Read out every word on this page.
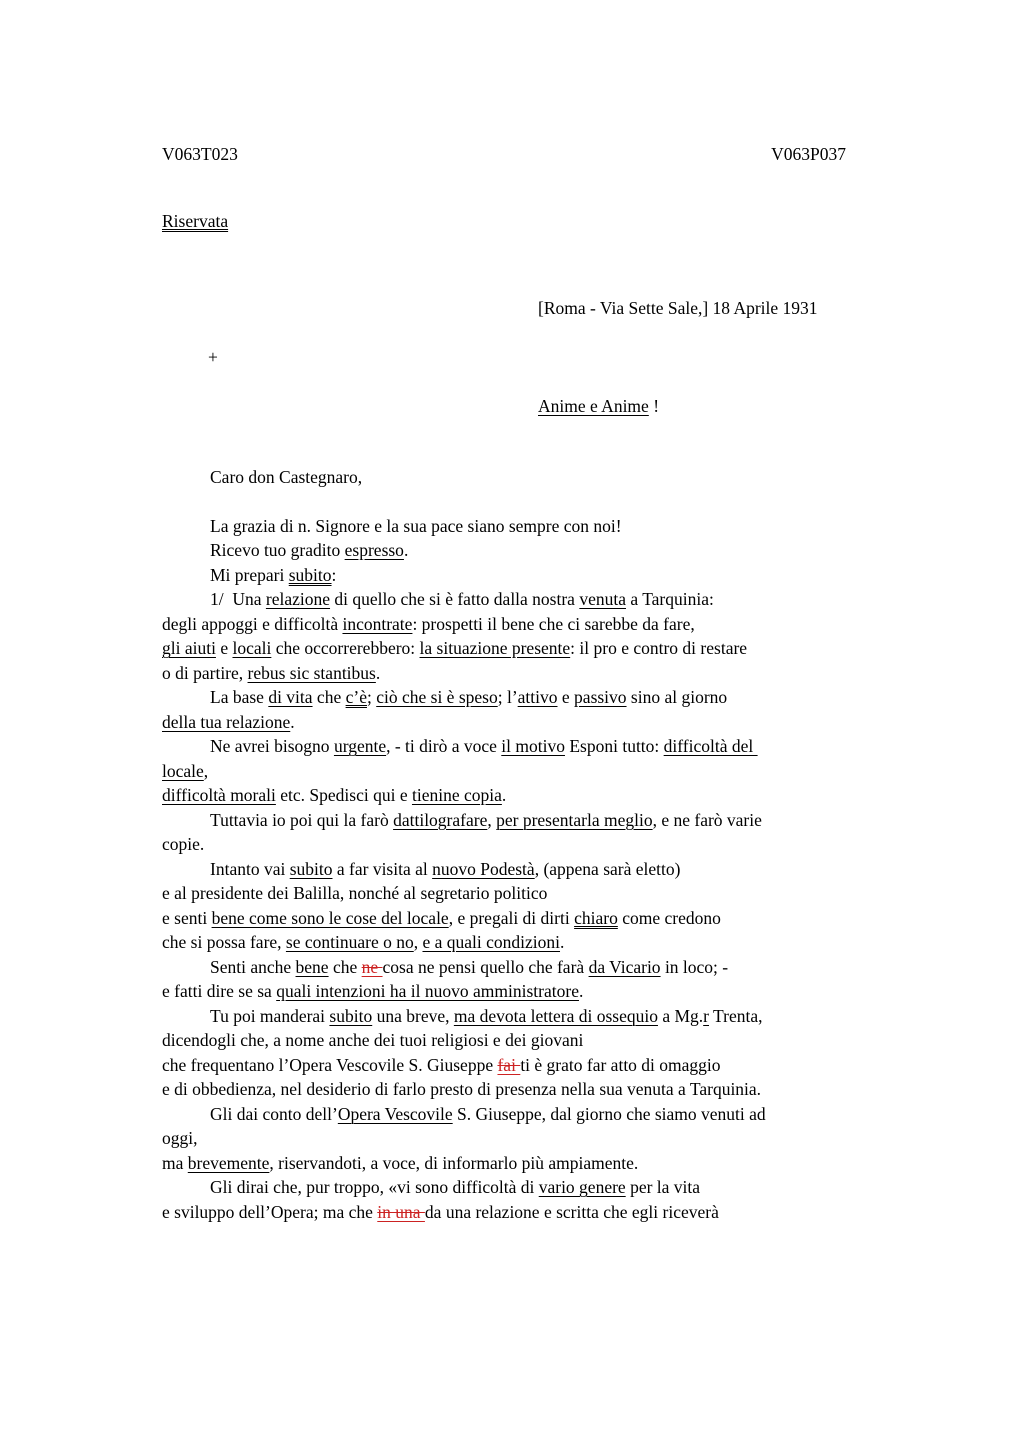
V063T023	V063P037
Riservata

[Roma - Via Sette Sale,] 18 Aprile 1931

+

Anime e Anime !

Caro don Castegnaro,
La grazia di n. Signore e la sua pace siano sempre con noi!
Ricevo tuo gradito espresso.
Mi prepari subito:
1/  Una relazione di quello che si è fatto dalla nostra venuta a Tarquinia:
degli appoggi e difficoltà incontrate: prospetti il bene che ci sarebbe da fare,
gli aiuti e locali che occorrerebbero: la situazione presente: il pro e contro di restare
o di partire, rebus sic stantibus.
La base di vita che c’è; ciò che si è speso; l’attivo e passivo sino al giorno
della tua relazione.
Ne avrei bisogno urgente, - ti dirò a voce il motivo Esponi tutto: difficoltà del
locale,
difficoltà morali etc. Spedisci qui e tienine copia.
Tuttavia io poi qui la farò dattilografare, per presentarla meglio, e ne farò varie
copie.
Intanto vai subito a far visita al nuovo Podestà, (appena sarà eletto)
e al presidente dei Balilla, nonché al segretario politico
e senti bene come sono le cose del locale, e pregali di dirti chiaro come credono
che si possa fare, se continuare o no, e a quali condizioni.
Senti anche bene che ne cosa ne pensi quello che farà da Vicario in loco; -
e fatti dire se sa quali intenzioni ha il nuovo amministratore.
Tu poi manderai subito una breve, ma devota lettera di ossequio a Mg.r Trenta,
dicendogli che, a nome anche dei tuoi religiosi e dei giovani
che frequentano l’Opera Vescovile S. Giuseppe fai ti è grato far atto di omaggio
e di obbedienza, nel desiderio di farlo presto di presenza nella sua venuta a Tarquinia.
Gli dai conto dell’Opera Vescovile S. Giuseppe, dal giorno che siamo venuti ad
oggi,
ma brevemente, riservandoti, a voce, di informarlo più ampiamente.
Gli dirai che, pur troppo, «vi sono difficoltà di vario genere per la vita
e sviluppo dell’Opera; ma che in una da una relazione e scritta che egli riceverà
